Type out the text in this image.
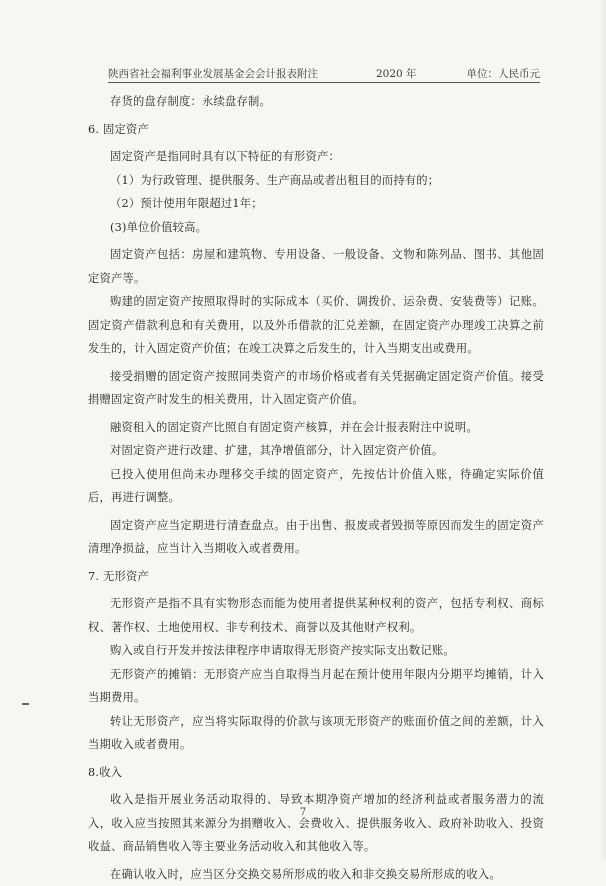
陕西省社会福利事业发展基金会会计报表附注	2020 年	单位：人民币元

存货的盘存制度：永续盘存制。

6. 固定资产

固定资产是指同时具有以下特征的有形资产：

（1）为行政管理、提供服务、生产商品或者出租目的而持有的；

（2）预计使用年限超过1年；

(3)单位价值较高。

固定资产包括：房屋和建筑物、专用设备、一般设备、文物和陈列品、图书、其他固定资产等。

购建的固定资产按照取得时的实际成本（买价、调拨价、运杂费、安装费等）记账。固定资产借款利息和有关费用，以及外币借款的汇兑差额，在固定资产办理竣工决算之前发生的，计入固定资产价值；在竣工决算之后发生的，计入当期支出或费用。

接受捐赠的固定资产按照同类资产的市场价格或者有关凭据确定固定资产价值。接受捐赠固定资产时发生的相关费用，计入固定资产价值。

融资租入的固定资产比照自有固定资产核算，并在会计报表附注中说明。

对固定资产进行改建、扩建，其净增值部分，计入固定资产价值。

已投入使用但尚未办理移交手续的固定资产，先按估计价值入账，待确定实际价值后，再进行调整。

固定资产应当定期进行清查盘点。由于出售、报废或者毁损等原因而发生的固定资产清理净损益，应当计入当期收入或者费用。

7. 无形资产

无形资产是指不具有实物形态而能为使用者提供某种权利的资产，包括专利权、商标权、著作权、土地使用权、非专利技术、商誉以及其他财产权利。

购入或自行开发并按法律程序申请取得无形资产按实际支出数记账。

无形资产的摊销：无形资产应当自取得当月起在预计使用年限内分期平均摊销，计入当期费用。

转让无形资产，应当将实际取得的价款与该项无形资产的账面价值之间的差额，计入当期收入或者费用。

8.收入

收入是指开展业务活动取得的、导致本期净资产增加的经济利益或者服务潜力的流入，收入应当按照其来源分为捐赠收入、会费收入、提供服务收入、政府补助收入、投资收益、商品销售收入等主要业务活动收入和其他收入等。

在确认收入时，应当区分交换交易所形成的收入和非交换交易所形成的收入。

7
